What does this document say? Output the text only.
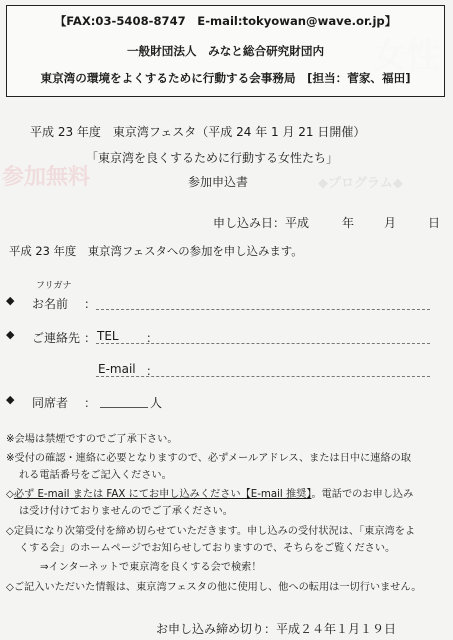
参加無料	◆プログラム◆
【FAX:03-5408-8747　E-mail:tokyowan@wave.or.jp】
一般財団法人　みなと総合研究財団内
東京湾の環境をよくするために行動する会事務局　[担当：菅家、福田]
平成 23 年度　東京湾フェスタ（平成 24 年 1 月 21 日開催）
「東京湾を良くするために行動する女性たち」
参加申込書
申し込み日：平成	年 月	日
平成 23 年度　東京湾フェスタへの参加を申し込みます。
フリガナ
◆ お名前 ：
◆ ご連絡先 ： TEL ：
E-mail ：
◆ 同席者 ：	人
※会場は禁煙ですのでご了承下さい。
※受付の確認・連絡に必要となりますので、必ずメールアドレス、または日中に連絡の取
れる電話番号をご記入ください。
◇必ず E-mail または FAX にてお申し込みください【E-mail 推奨】。電話でのお申し込み
は受け付けておりませんのでご了承ください。
◇定員になり次第受付を締め切らせていただきます。申し込みの受付状況は、「東京湾をよ
くする会」のホームページでお知らせしておりますので、そちらをご覧ください。
⇒インターネットで東京湾を良くする会で検索！
◇ご記入いただいた情報は、東京湾フェスタの他に使用し、他への転用は一切行いません。
お申し込み締め切り：平成２４年１月１９日
